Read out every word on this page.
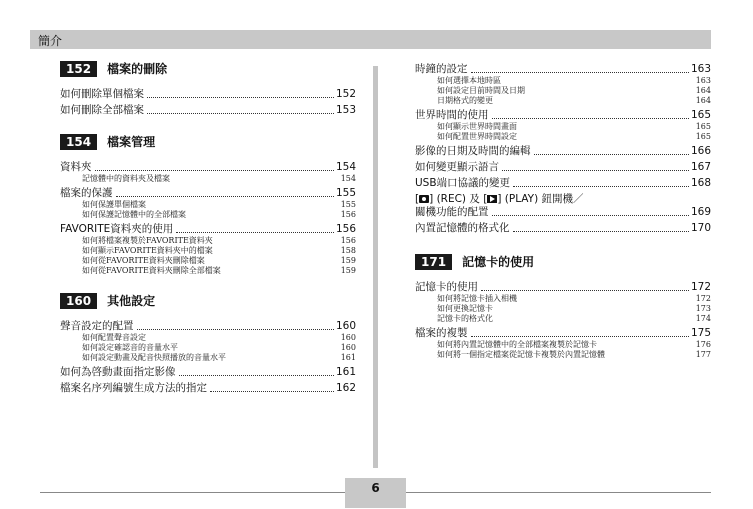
簡介
152	檔案的刪除
如何刪除單個檔案	152
如何刪除全部檔案	153
154	檔案管理
資料夾	154
記憶體中的資料夾及檔案	154
檔案的保護	155
如何保護單個檔案	155
如何保護記憶體中的全部檔案	156
FAVORITE資料夾的使用	156
如何將檔案複製於FAVORITE資料夾	156
如何顯示FAVORITE資料夾中的檔案	158
如何從FAVORITE資料夾刪除檔案	159
如何從FAVORITE資料夾刪除全部檔案	159
160	其他設定
聲音設定的配置	160
如何配置聲音設定	160
如何設定確認音的音量水平	160
如何設定動畫及配音快照播放的音量水平	161
如何為啓動畫面指定影像	161
檔案名序列編號生成方法的指定	162
時鐘的設定	163
如何選擇本地時區	163
如何設定目前時間及日期	164
日期格式的變更	164
世界時間的使用	165
如何顯示世界時間畫面	165
如何配置世界時間設定	165
影像的日期及時間的編輯	166
如何變更顯示語言	167
USB端口協議的變更	168
[ ] (REC) 及 [ ] (PLAY) 鈕開機／
關機功能的配置	169
內置記憶體的格式化	170
171	記憶卡的使用
記憶卡的使用	172
如何將記憶卡插入相機	172
如何更換記憶卡	173
記憶卡的格式化	174
檔案的複製	175
如何將內置記憶體中的全部檔案複製於記憶卡	176
如何將一個指定檔案從記憶卡複製於內置記憶體	177
6
